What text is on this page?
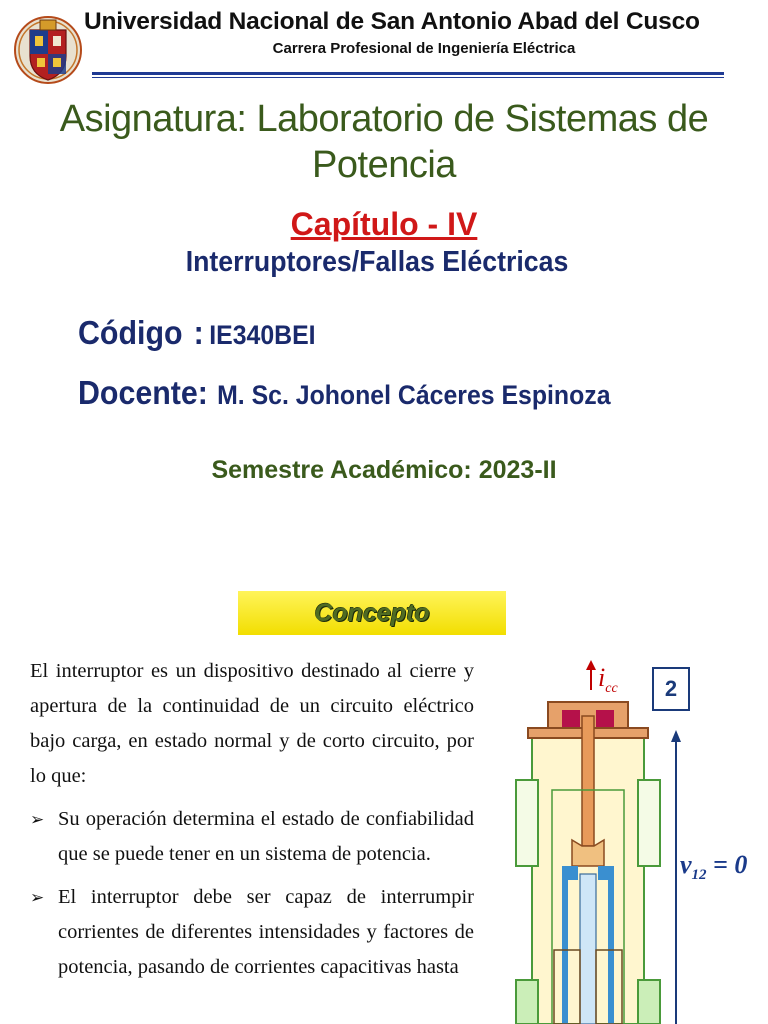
Universidad Nacional de San Antonio Abad del Cusco
Carrera Profesional de Ingeniería Eléctrica
Asignatura: Laboratorio de Sistemas de
Potencia
Capítulo - IV
Interruptores/Fallas Eléctricas
Código : IE340BEI
Docente: M. Sc. Johonel Cáceres Espinoza
Semestre Académico: 2023-II
Concepto

El interruptor es un dispositivo destinado al cierre y apertura de la continuidad de un circuito eléctrico bajo carga, en estado normal y de corto circuito, por lo que:

➢ Su operación determina el estado de confiabilidad que se puede tener en un sistema de potencia.
➢ El interruptor debe ser capaz de interrumpir corrientes de diferentes intensidades y factores de potencia, pasando de corrientes capacitivas hasta
$i_{cc}$	2
$v_{12} = 0$
